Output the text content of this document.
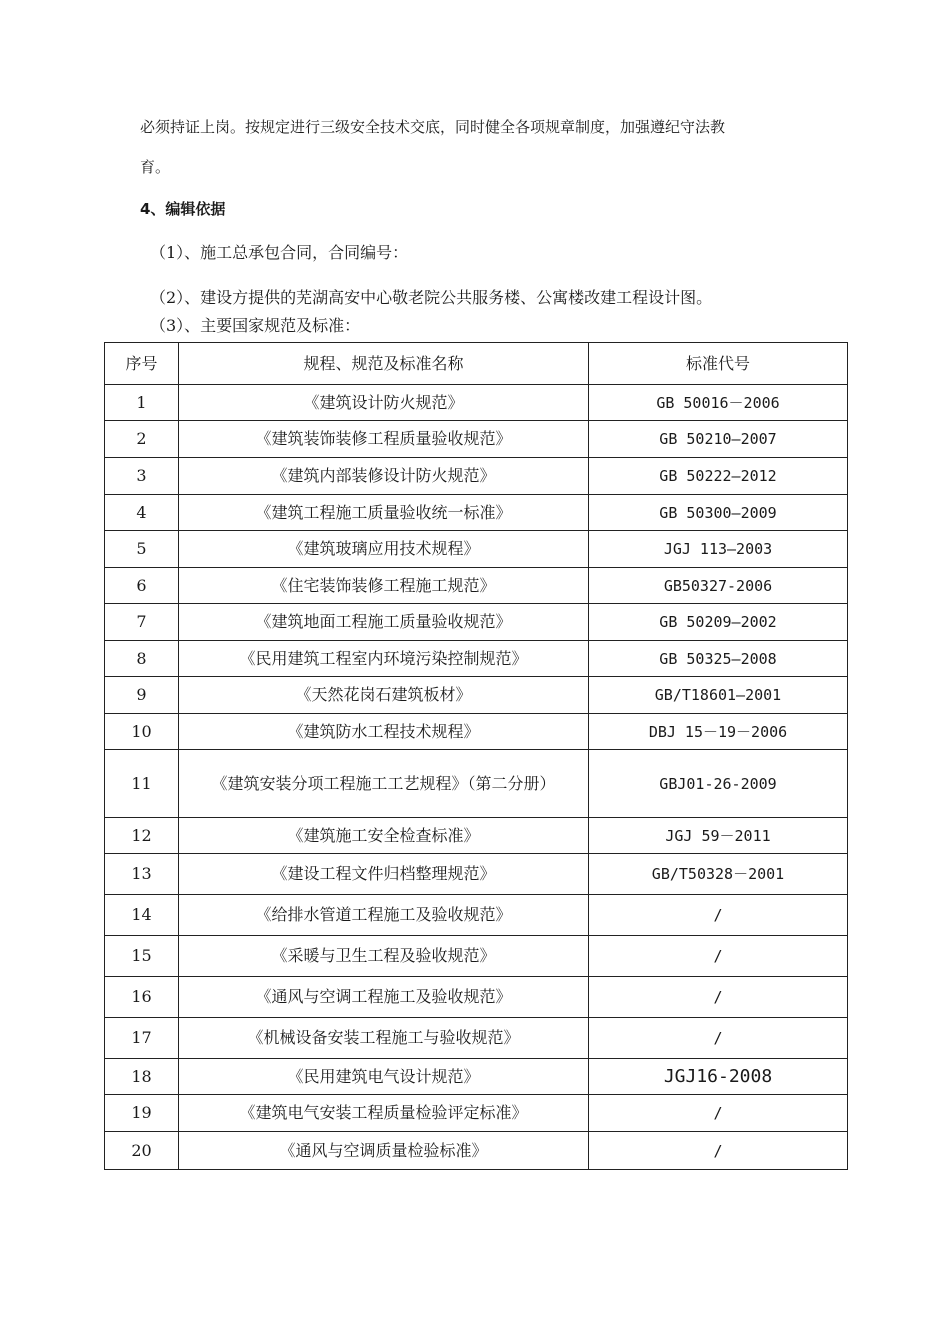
必须持证上岗。按规定进行三级安全技术交底，同时健全各项规章制度，加强遵纪守法教
育。
4、编辑依据
（1）、施工总承包合同，合同编号：
（2）、建设方提供的芜湖高安中心敬老院公共服务楼、公寓楼改建工程设计图。
（3）、主要国家规范及标准：
序号	规程、规范及标准名称	标准代号
1	《建筑设计防火规范》	GB 50016－2006
2	《建筑装饰装修工程质量验收规范》	GB 50210—2007
3	《建筑内部装修设计防火规范》	GB 50222—2012
4	《建筑工程施工质量验收统一标准》	GB 50300—2009
5	《建筑玻璃应用技术规程》	JGJ 113—2003
6	《住宅装饰装修工程施工规范》	GB50327-2006
7	《建筑地面工程施工质量验收规范》	GB 50209—2002
8	《民用建筑工程室内环境污染控制规范》	GB 50325—2008
9	《天然花岗石建筑板材》	GB/T18601—2001
10	《建筑防水工程技术规程》	DBJ 15－19－2006
11	《建筑安装分项工程施工工艺规程》（第二分册）	GBJ01-26-2009
12	《建筑施工安全检查标准》	JGJ 59－2011
13	《建设工程文件归档整理规范》	GB/T50328－2001
14	《给排水管道工程施工及验收规范》	/
15	《采暖与卫生工程及验收规范》	/
16	《通风与空调工程施工及验收规范》	/
17	《机械设备安装工程施工与验收规范》	/
18	《民用建筑电气设计规范》	JGJ16-2008
19	《建筑电气安装工程质量检验评定标准》	/
20	《通风与空调质量检验标准》	/
